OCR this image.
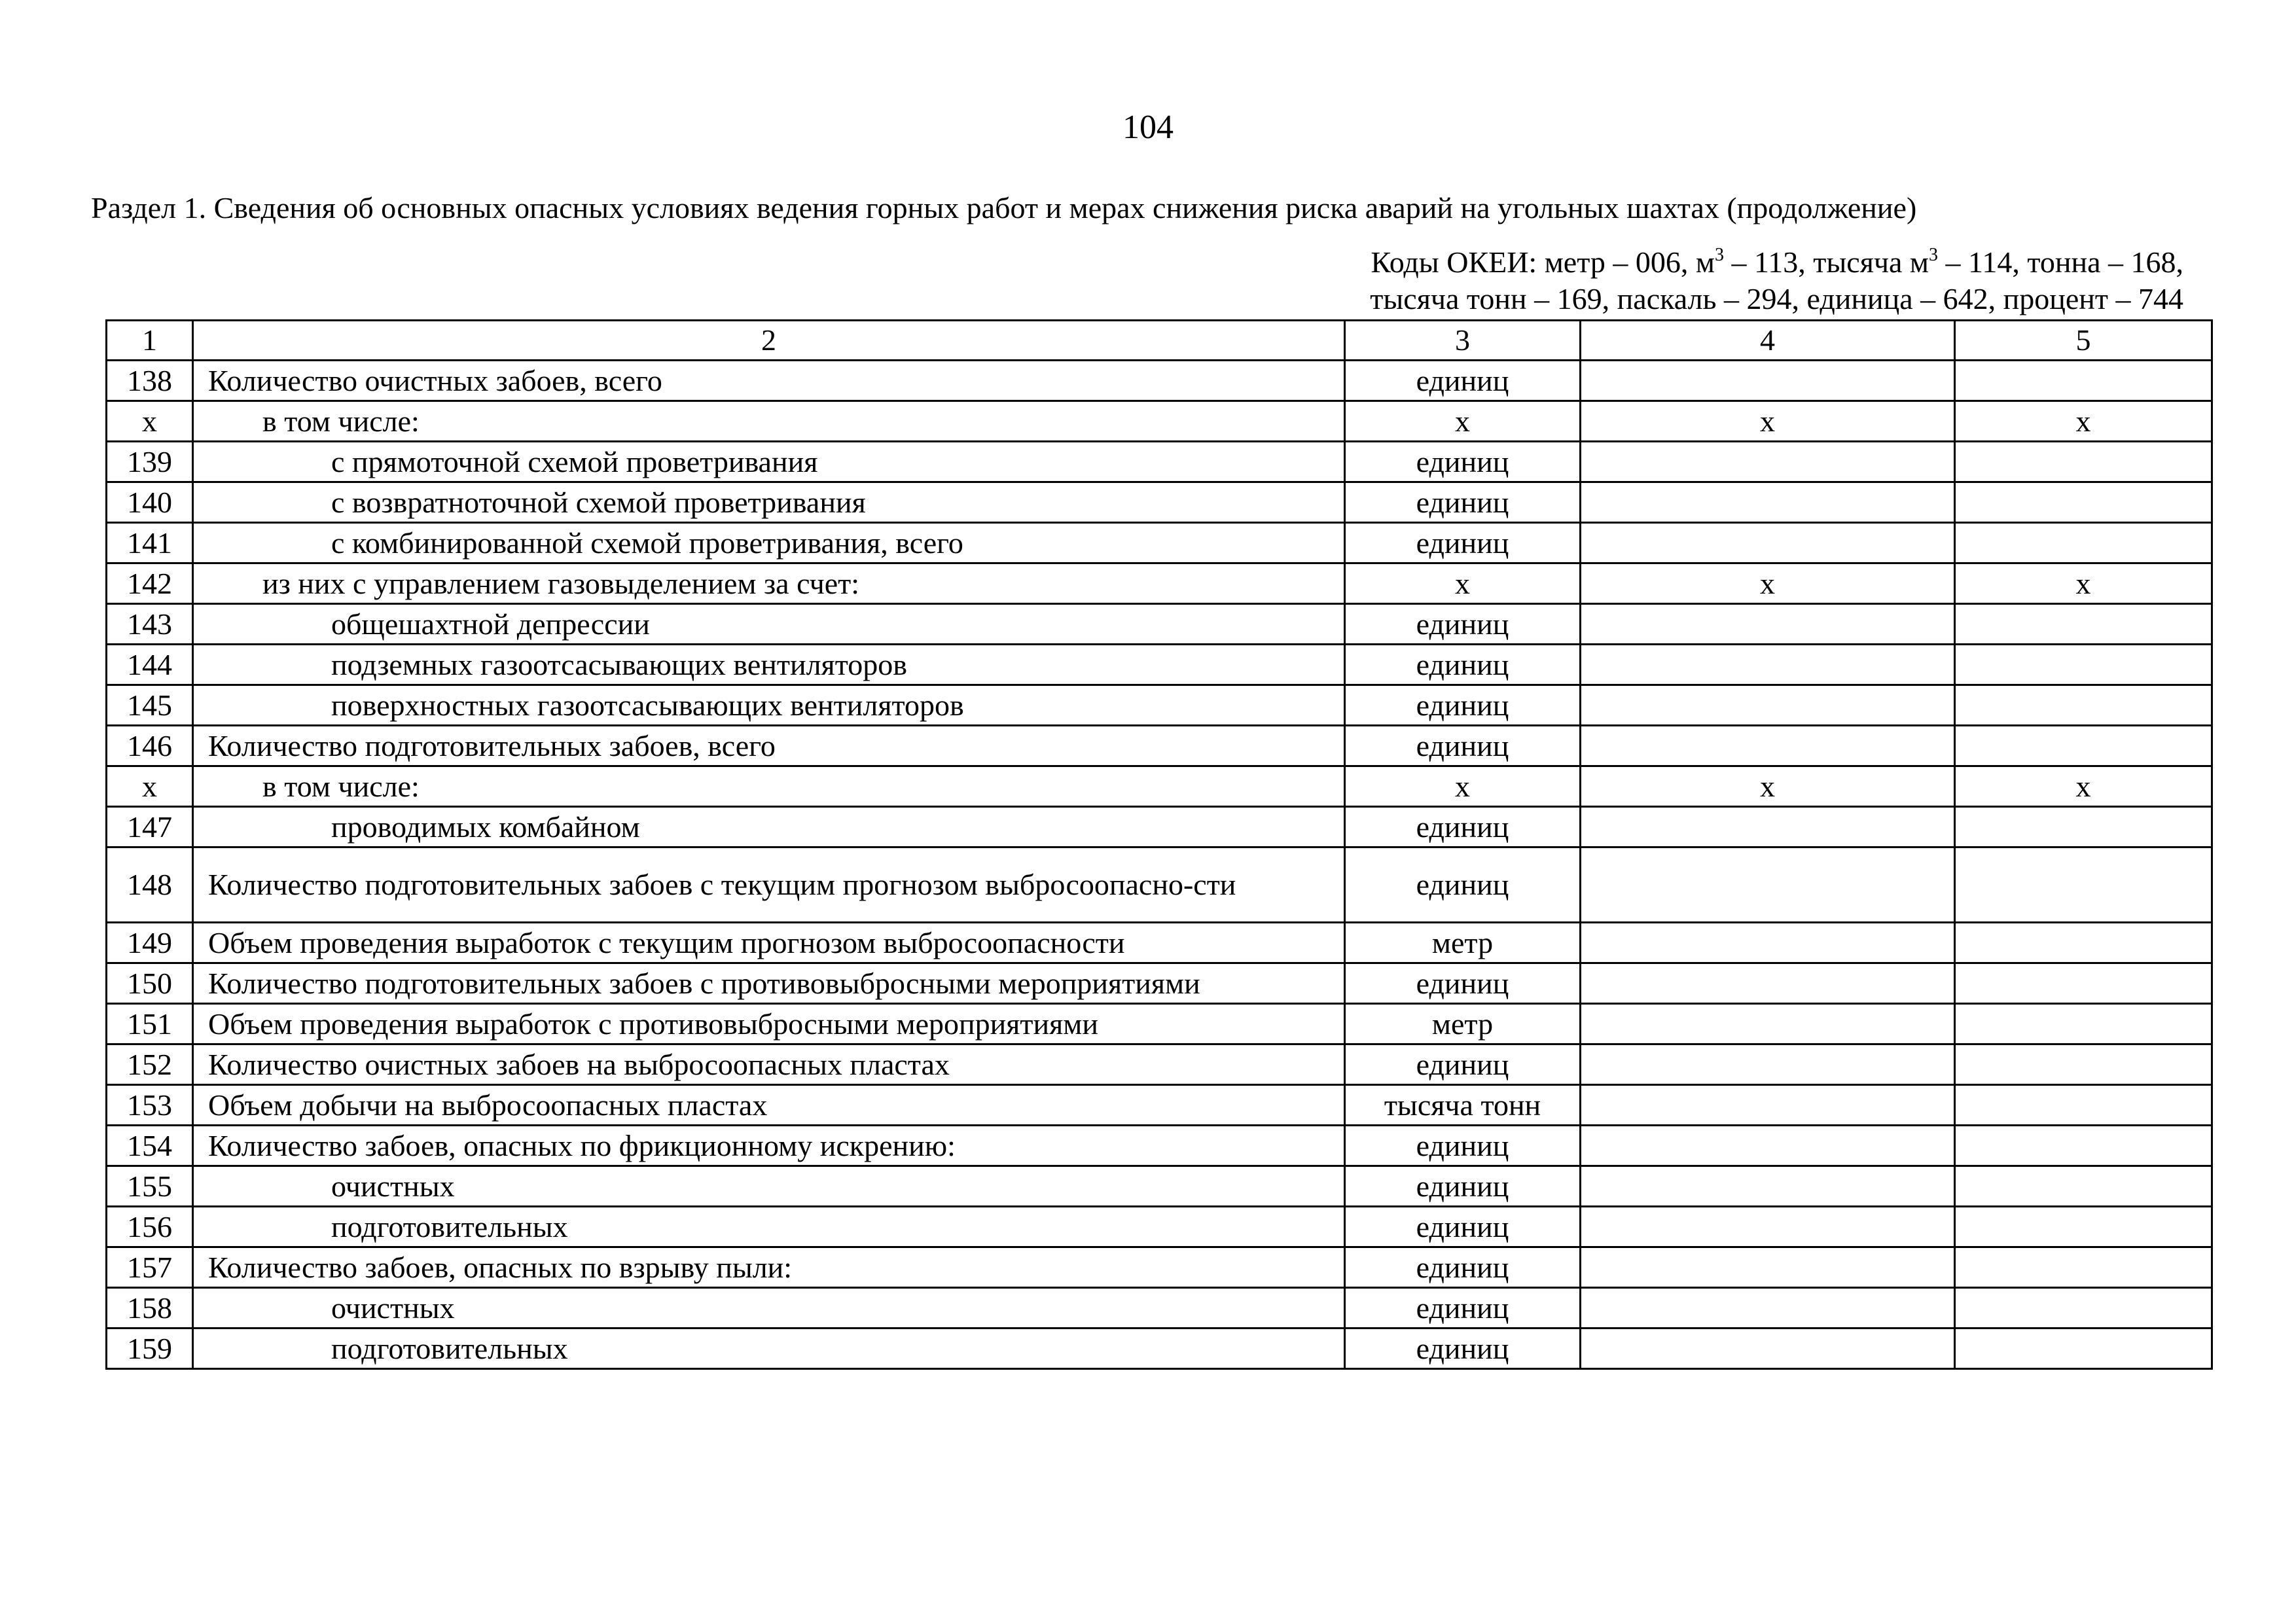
104
Раздел 1. Сведения об основных опасных условиях ведения горных работ и мерах снижения риска аварий на угольных шахтах (продолжение)
Коды ОКЕИ: метр – 006, $м^3 - 113$, тысяча $м^3 - 114$, тонна – 168,
тысяча тонн – 169, паскаль – 294, единица – 642, процент – 744
1	2	3	4	5
138	Количество очистных забоев, всего	единиц		
х	в том числе:	х	х	х
139	с прямоточной схемой проветривания	единиц		
140	с возвратноточной схемой проветривания	единиц		
141	с комбинированной схемой проветривания, всего	единиц		
142	из них с управлением газовыделением за счет:	х	х	х
143	общешахтной депрессии	единиц		
144	подземных газоотсасывающих вентиляторов	единиц		
145	поверхностных газоотсасывающих вентиляторов	единиц		
146	Количество подготовительных забоев, всего	единиц		
х	в том числе:	х	х	х
147	проводимых комбайном	единиц		
148	Количество подготовительных забоев с текущим прогнозом выбросоопасно-сти	единиц		
149	Объем проведения выработок с текущим прогнозом выбросоопасности	метр		
150	Количество подготовительных забоев с противовыбросными мероприятиями	единиц		
151	Объем проведения выработок с противовыбросными мероприятиями	метр		
152	Количество очистных забоев на выбросоопасных пластах	единиц		
153	Объем добычи на выбросоопасных пластах	тысяча тонн		
154	Количество забоев, опасных по фрикционному искрению:	единиц		
155	очистных	единиц		
156	подготовительных	единиц		
157	Количество забоев, опасных по взрыву пыли:	единиц		
158	очистных	единиц		
159	подготовительных	единиц		
